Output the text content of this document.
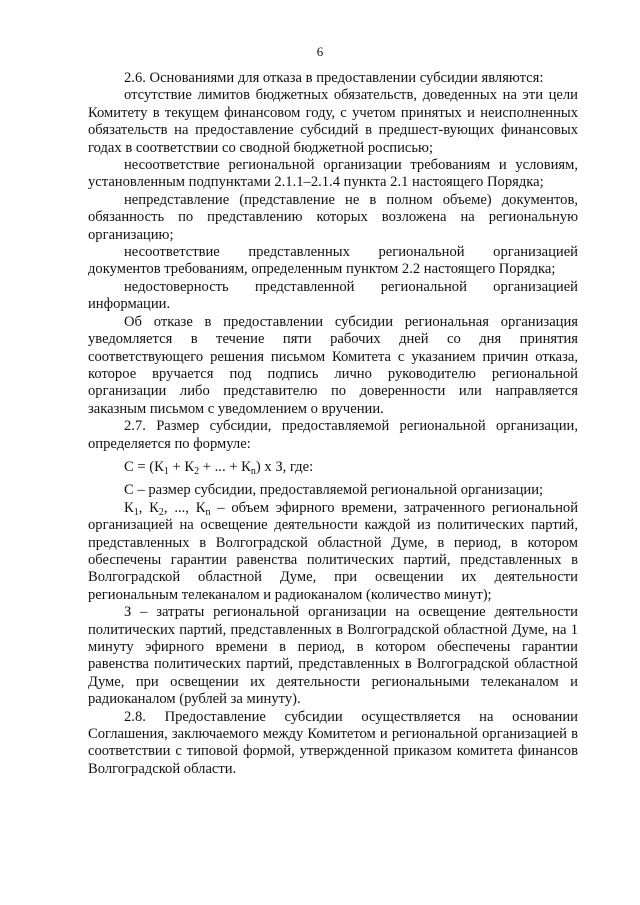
6

2.6. Основаниями для отказа в предоставлении субсидии являются:

отсутствие лимитов бюджетных обязательств, доведенных на эти цели Комитету в текущем финансовом году, с учетом принятых и неисполненных обязательств на предоставление субсидий в предшест-вующих финансовых годах в соответствии со сводной бюджетной росписью;

несоответствие региональной организации требованиям и условиям, установленным подпунктами 2.1.1–2.1.4 пункта 2.1 настоящего Порядка;

непредставление (представление не в полном объеме) документов, обязанность по представлению которых возложена на региональную организацию;

несоответствие представленных региональной организацией документов требованиям, определенным пунктом 2.2 настоящего Порядка;

недостоверность представленной региональной организацией информации.

Об отказе в предоставлении субсидии региональная организация уведомляется в течение пяти рабочих дней со дня принятия соответствующего решения письмом Комитета с указанием причин отказа, которое вручается под подпись лично руководителю региональной организации либо представителю по доверенности или направляется заказным письмом с уведомлением о вручении.

2.7. Размер субсидии, предоставляемой региональной организации, определяется по формуле:

$С = (К_1 + К_2$ + ... + $К_n$) х З, где:

С – размер субсидии, предоставляемой региональной организации;

$К_1$, $К_2$, ..., $К_n$ – объем эфирного времени, затраченного региональной организацией на освещение деятельности каждой из политических партий, представленных в Волгоградской областной Думе, в период, в котором обеспечены гарантии равенства политических партий, представленных в Волгоградской областной Думе, при освещении их деятельности региональным телеканалом и радиоканалом (количество минут);

З – затраты региональной организации на освещение деятельности политических партий, представленных в Волгоградской областной Думе, на 1 минуту эфирного времени в период, в котором обеспечены гарантии равенства политических партий, представленных в Волгоградской областной Думе, при освещении их деятельности региональными телеканалом и радиоканалом (рублей за минуту).

2.8. Предоставление субсидии осуществляется на основании Соглашения, заключаемого между Комитетом и региональной организацией в соответствии с типовой формой, утвержденной приказом комитета финансов Волгоградской области.
